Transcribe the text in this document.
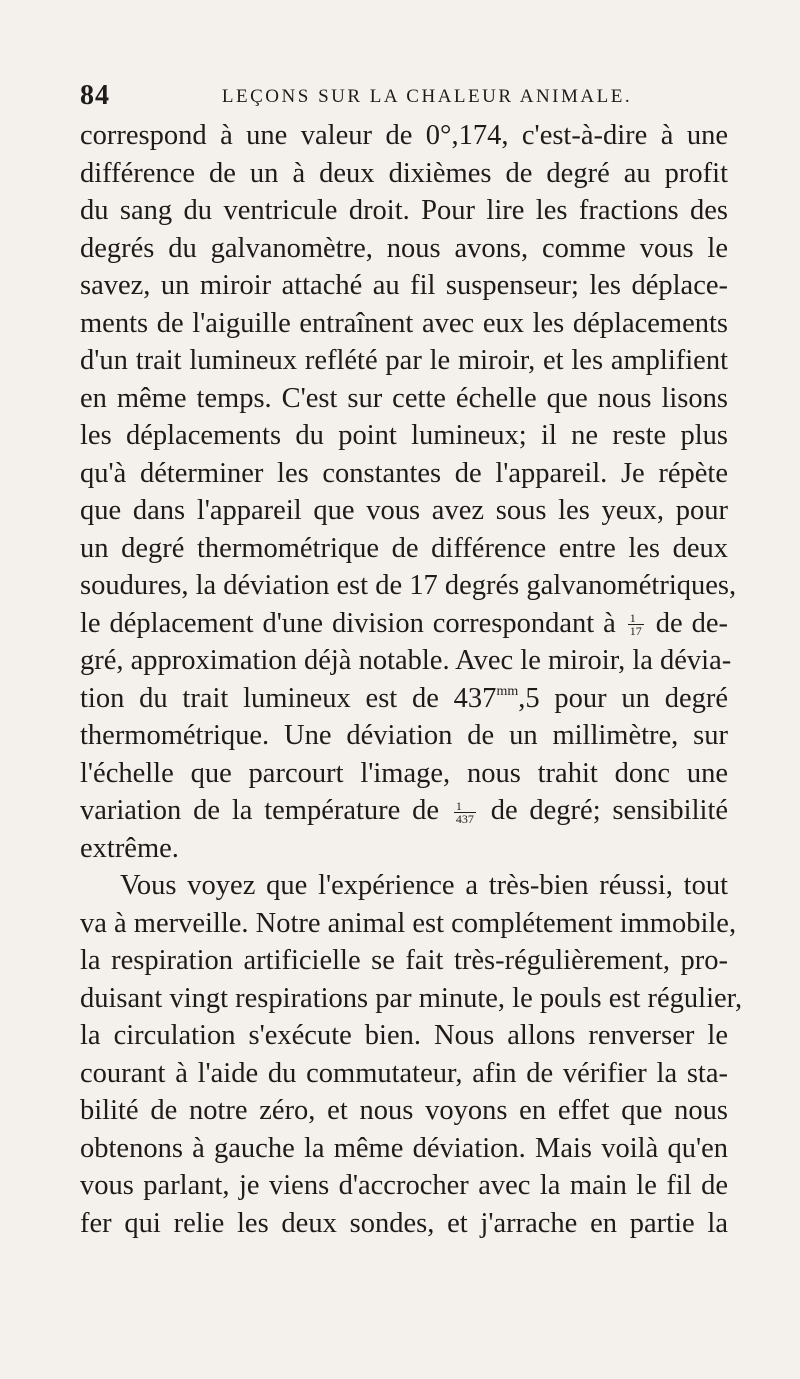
84	LEÇONS SUR LA CHALEUR ANIMALE.
correspond à une valeur de 0°,174, c'est-à-dire à une
différence de un à deux dixièmes de degré au profit
du sang du ventricule droit. Pour lire les fractions des
degrés du galvanomètre, nous avons, comme vous le
savez, un miroir attaché au fil suspenseur; les déplace-
ments de l'aiguille entraînent avec eux les déplacements
d'un trait lumineux reflété par le miroir, et les amplifient
en même temps. C'est sur cette échelle que nous lisons
les déplacements du point lumineux; il ne reste plus
qu'à déterminer les constantes de l'appareil. Je répète
que dans l'appareil que vous avez sous les yeux, pour
un degré thermométrique de différence entre les deux
soudures, la déviation est de 17 degrés galvanométriques,
le déplacement d'une division correspondant à $\frac{1}{17}$ de de-
gré, approximation déjà notable. Avec le miroir, la dévia-
tion du trait lumineux est de $437^{mm},5$ pour un degré
thermométrique. Une déviation de un millimètre, sur
l'échelle que parcourt l'image, nous trahit donc une
variation de la température de $\frac{1}{437}$ de degré; sensibilité
extrême.
Vous voyez que l'expérience a très-bien réussi, tout
va à merveille. Notre animal est complétement immobile,
la respiration artificielle se fait très-régulièrement, pro-
duisant vingt respirations par minute, le pouls est régulier,
la circulation s'exécute bien. Nous allons renverser le
courant à l'aide du commutateur, afin de vérifier la sta-
bilité de notre zéro, et nous voyons en effet que nous
obtenons à gauche la même déviation. Mais voilà qu'en
vous parlant, je viens d'accrocher avec la main le fil de
fer qui relie les deux sondes, et j'arrache en partie la
